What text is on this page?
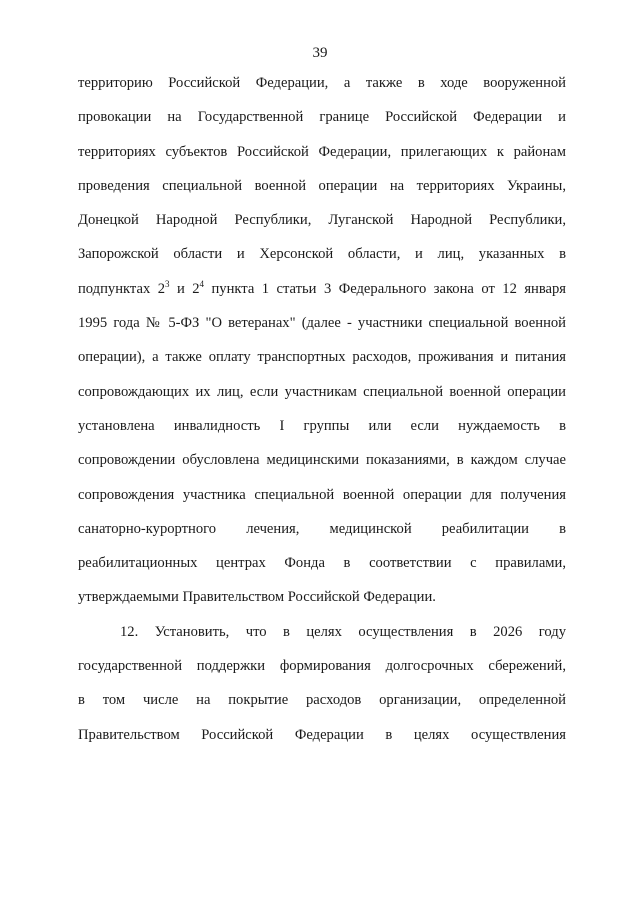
39
территорию Российской Федерации, а также в ходе вооруженной
провокации на Государственной границе Российской Федерации и
территориях субъектов Российской Федерации, прилегающих к районам
проведения специальной военной операции на территориях Украины,
Донецкой Народной Республики, Луганской Народной Республики,
Запорожской области и Херсонской области, и лиц, указанных в
подпунктах $2^3$ и $2^4$ пункта 1 статьи 3 Федерального закона от 12 января
1995 года № 5-ФЗ "О ветеранах" (далее - участники специальной военной
операции), а также оплату транспортных расходов, проживания и питания
сопровождающих их лиц, если участникам специальной военной операции
установлена инвалидность I группы или если нуждаемость в
сопровождении обусловлена медицинскими показаниями, в каждом случае
сопровождения участника специальной военной операции для получения
санаторно-курортного лечения, медицинской реабилитации в
реабилитационных центрах Фонда в соответствии с правилами,
утверждаемыми Правительством Российской Федерации.
12. Установить, что в целях осуществления в 2026 году
государственной поддержки формирования долгосрочных сбережений,
в том числе на покрытие расходов организации, определенной
Правительством Российской Федерации в целях осуществления
